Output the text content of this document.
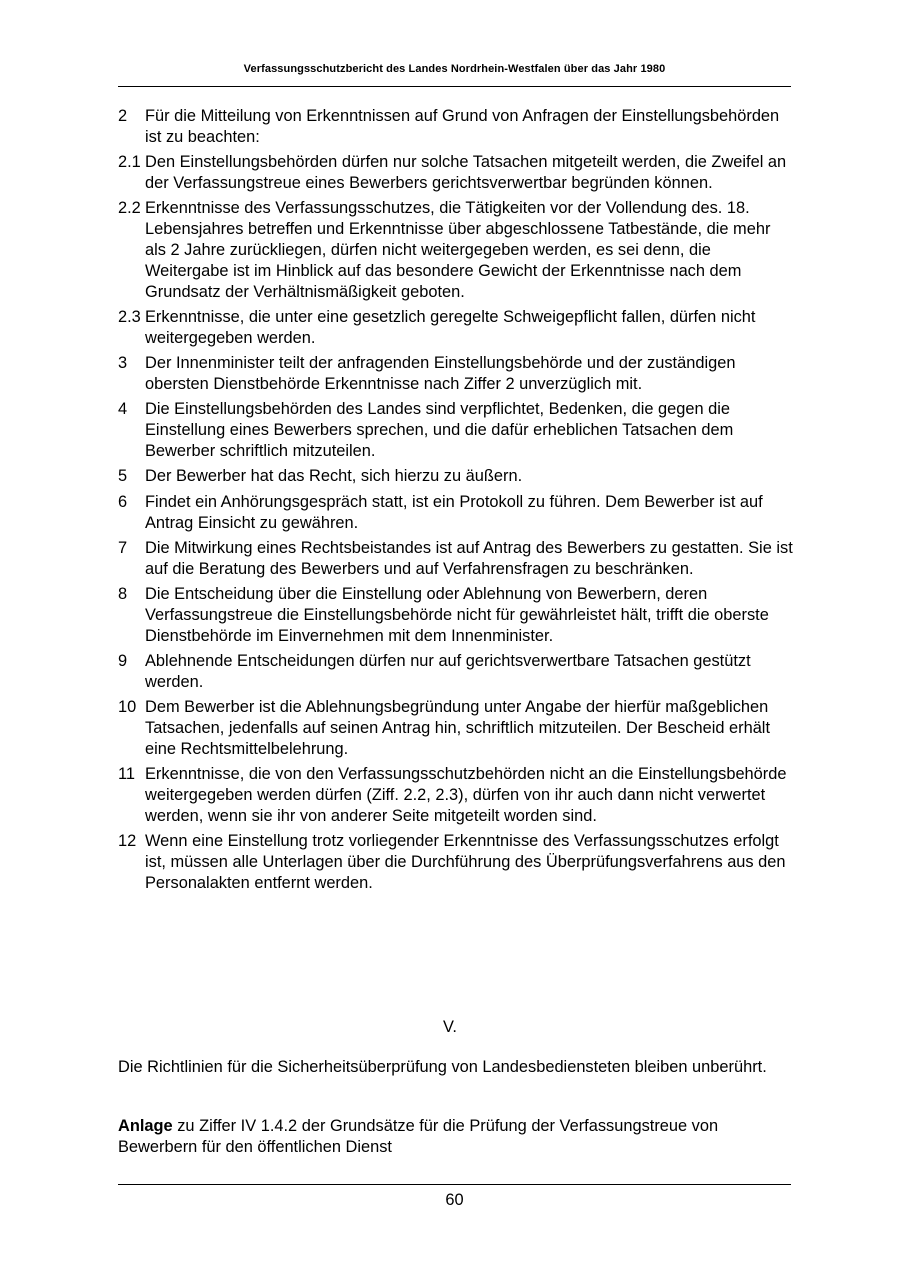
Verfassungsschutzbericht des Landes Nordrhein-Westfalen über das Jahr 1980
2	Für die Mitteilung von Erkenntnissen auf Grund von Anfragen der Einstellungsbehörden ist zu beachten:
2.1 Den Einstellungsbehörden dürfen nur solche Tatsachen mitgeteilt werden, die Zweifel an der Verfassungstreue eines Bewerbers gerichtsverwertbar begründen können.
2.2 Erkenntnisse des Verfassungsschutzes, die Tätigkeiten vor der Vollendung des. 18. Lebensjahres betreffen und Erkenntnisse über abgeschlossene Tatbestände, die mehr als 2 Jahre zurückliegen, dürfen nicht weitergegeben werden, es sei denn, die Weitergabe ist im Hinblick auf das besondere Gewicht der Erkenntnisse nach dem Grundsatz der Verhältnismäßigkeit geboten.
2.3 Erkenntnisse, die unter eine gesetzlich geregelte Schweigepflicht fallen, dürfen nicht weitergegeben werden.
3	Der Innenminister teilt der anfragenden Einstellungsbehörde und der zuständigen obersten Dienstbehörde Erkenntnisse nach Ziffer 2 unverzüglich mit.
4	Die Einstellungsbehörden des Landes sind verpflichtet, Bedenken, die gegen die Einstellung eines Bewerbers sprechen, und die dafür erheblichen Tatsachen dem Bewerber schriftlich mitzuteilen.
5	Der Bewerber hat das Recht, sich hierzu zu äußern.
6	Findet ein Anhörungsgespräch statt, ist ein Protokoll zu führen. Dem Bewerber ist auf Antrag Einsicht zu gewähren.
7	Die Mitwirkung eines Rechtsbeistandes ist auf Antrag des Bewerbers zu gestatten. Sie ist auf die Beratung des Bewerbers und auf Verfahrensfragen zu beschränken.
8	Die Entscheidung über die Einstellung oder Ablehnung von Bewerbern, deren Verfassungstreue die Einstellungsbehörde nicht für gewährleistet hält, trifft die oberste Dienstbehörde im Einvernehmen mit dem Innenminister.
9	Ablehnende Entscheidungen dürfen nur auf gerichtsverwertbare Tatsachen gestützt werden.
10 Dem Bewerber ist die Ablehnungsbegründung unter Angabe der hierfür maßgeblichen Tatsachen, jedenfalls auf seinen Antrag hin, schriftlich mitzuteilen. Der Bescheid erhält eine Rechtsmittelbelehrung.
11 Erkenntnisse, die von den Verfassungsschutzbehörden nicht an die Einstellungsbehörde weitergegeben werden dürfen (Ziff. 2.2, 2.3), dürfen von ihr auch dann nicht verwertet werden, wenn sie ihr von anderer Seite mitgeteilt worden sind.
12 Wenn eine Einstellung trotz vorliegender Erkenntnisse des Verfassungsschutzes erfolgt ist, müssen alle Unterlagen über die Durchführung des Überprüfungsverfahrens aus den Personalakten entfernt werden.
V.
Die Richtlinien für die Sicherheitsüberprüfung von Landesbediensteten bleiben unberührt.
Anlage zu Ziffer IV 1.4.2 der Grundsätze für die Prüfung der Verfassungstreue von Bewerbern für den öffentlichen Dienst
60
